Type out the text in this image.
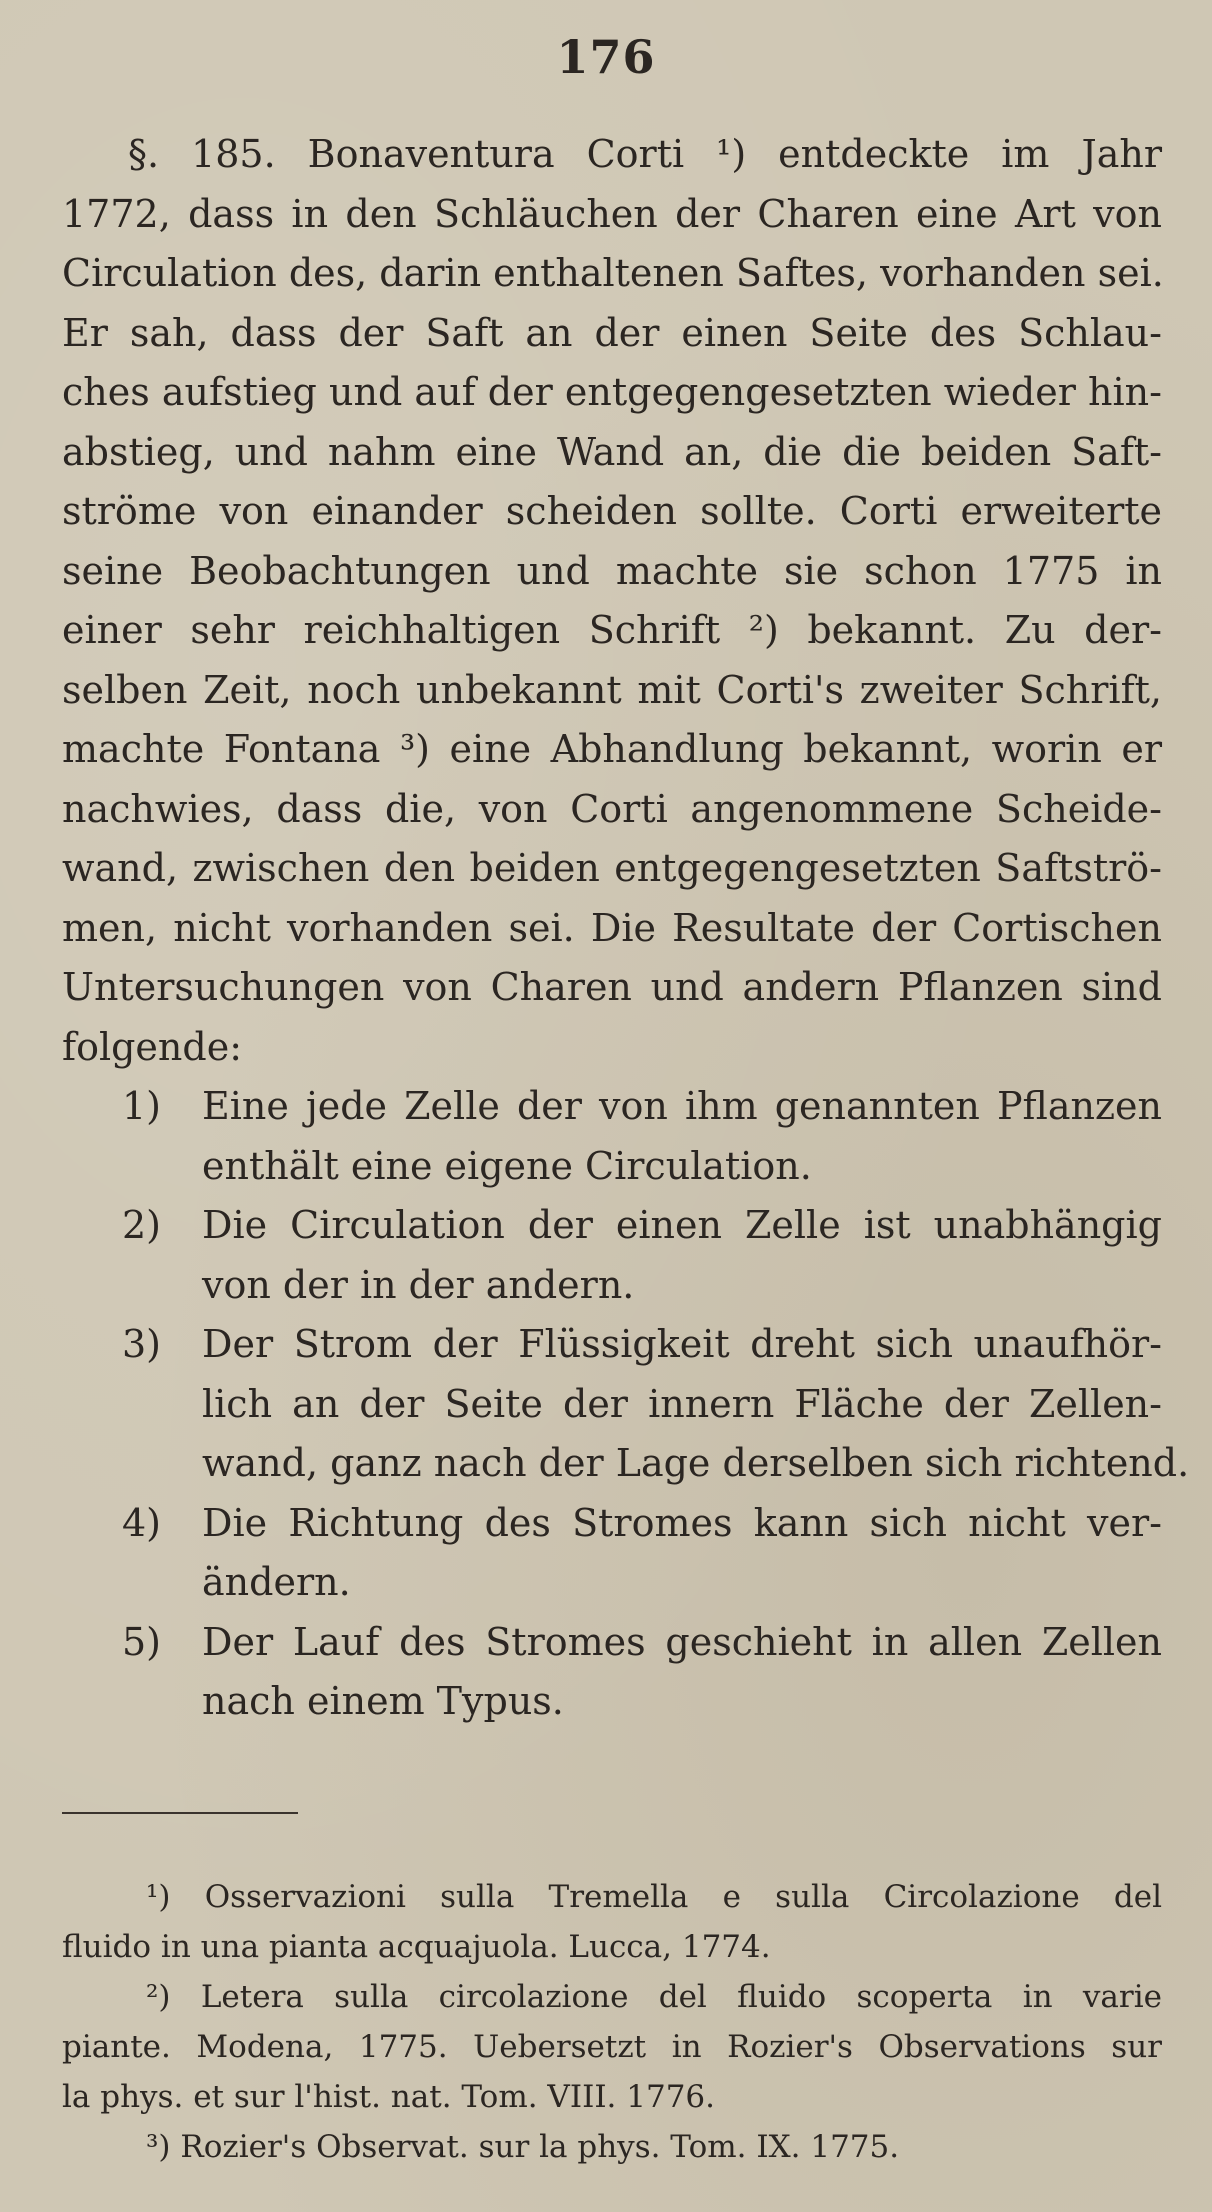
176
§. 185. Bonaventura Corti ¹) entdeckte im Jahr
1772, dass in den Schläuchen der Charen eine Art von
Circulation des, darin enthaltenen Saftes, vorhanden sei.
Er sah, dass der Saft an der einen Seite des Schlau-
ches aufstieg und auf der entgegengesetzten wieder hin-
abstieg, und nahm eine Wand an, die die beiden Saft-
ströme von einander scheiden sollte. Corti erweiterte
seine Beobachtungen und machte sie schon 1775 in
einer sehr reichhaltigen Schrift ²) bekannt. Zu der-
selben Zeit, noch unbekannt mit Corti's zweiter Schrift,
machte Fontana ³) eine Abhandlung bekannt, worin er
nachwies, dass die, von Corti angenommene Scheide-
wand, zwischen den beiden entgegengesetzten Saftströ-
men, nicht vorhanden sei. Die Resultate der Cortischen
Untersuchungen von Charen und andern Pflanzen sind
folgende:
1) Eine jede Zelle der von ihm genannten Pflanzen
enthält eine eigene Circulation.
2) Die Circulation der einen Zelle ist unabhängig
von der in der andern.
3) Der Strom der Flüssigkeit dreht sich unaufhör-
lich an der Seite der innern Fläche der Zellen-
wand, ganz nach der Lage derselben sich richtend.
4) Die Richtung des Stromes kann sich nicht ver-
ändern.
5) Der Lauf des Stromes geschieht in allen Zellen
nach einem Typus.
¹) Osservazioni sulla Tremella e sulla Circolazione del
fluido in una pianta acquajuola. Lucca, 1774.
²) Letera sulla circolazione del fluido scoperta in varie
piante. Modena, 1775. Uebersetzt in Rozier's Observations sur
la phys. et sur l'hist. nat. Tom. VIII. 1776.
³) Rozier's Observat. sur la phys. Tom. IX. 1775.
